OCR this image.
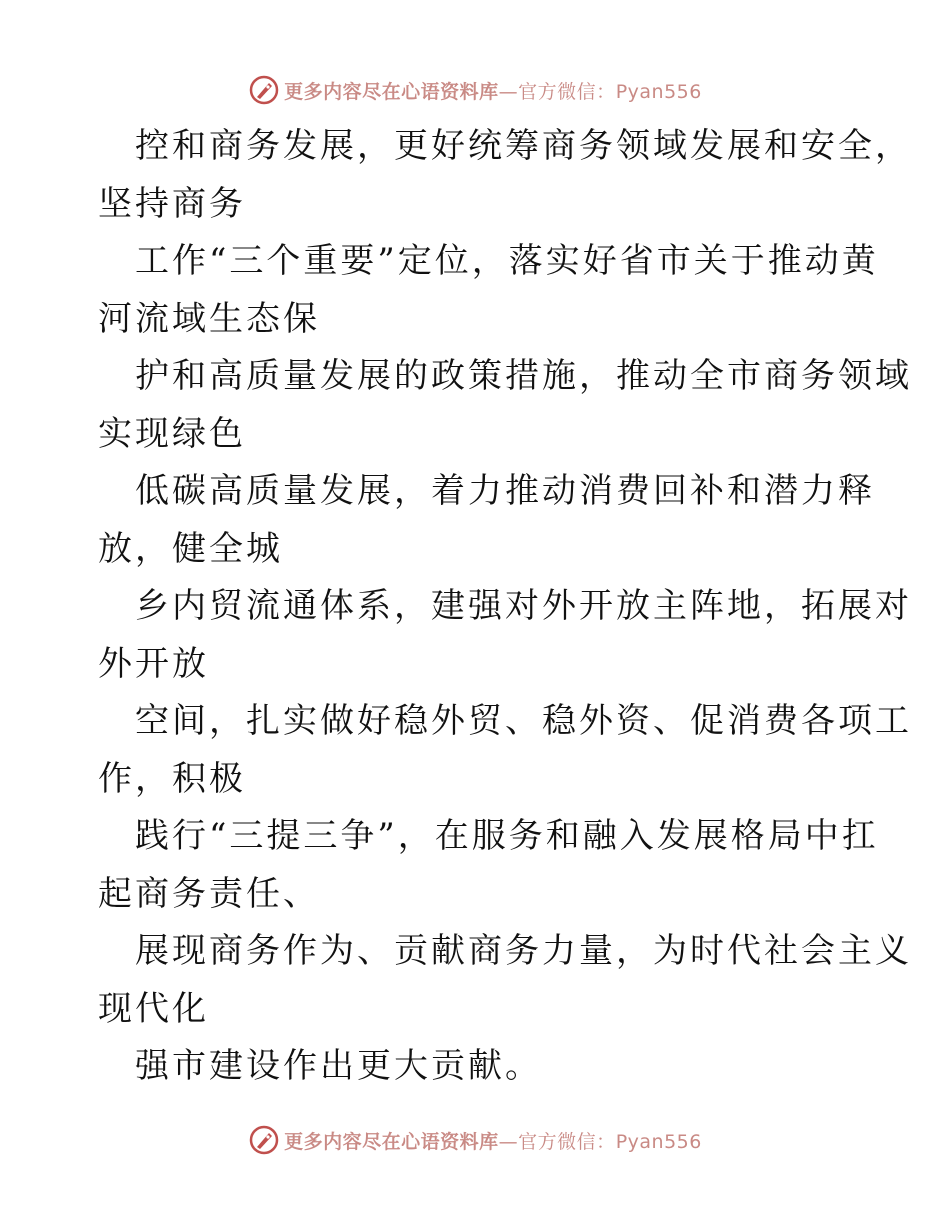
更多内容尽在心语资料库—官方微信：Pyan556
控和商务发展，更好统筹商务领域发展和安全，
坚持商务
工作“三个重要”定位，落实好省市关于推动黄
河流域生态保
护和高质量发展的政策措施，推动全市商务领域
实现绿色
低碳高质量发展，着力推动消费回补和潜力释
放，健全城
乡内贸流通体系，建强对外开放主阵地，拓展对
外开放
空间，扎实做好稳外贸、稳外资、促消费各项工
作，积极
践行“三提三争”，在服务和融入发展格局中扛
起商务责任、
展现商务作为、贡献商务力量，为时代社会主义
现代化
强市建设作出更大贡献。
更多内容尽在心语资料库—官方微信：Pyan556
